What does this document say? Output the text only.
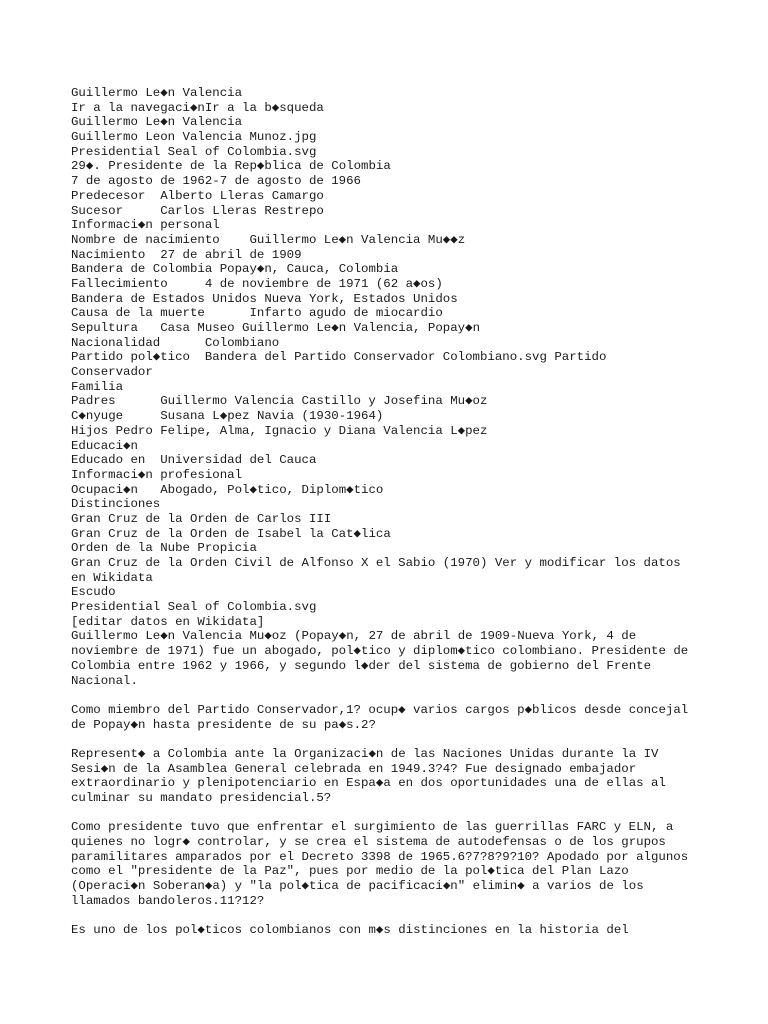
Guillermo Le◆n Valencia
Ir a la navegaci◆nIr a la b◆squeda
Guillermo Le◆n Valencia
Guillermo Leon Valencia Munoz.jpg
Presidential Seal of Colombia.svg
29◆. Presidente de la Rep◆blica de Colombia
7 de agosto de 1962-7 de agosto de 1966
Predecesor  Alberto Lleras Camargo
Sucesor     Carlos Lleras Restrepo
Informaci◆n personal
Nombre de nacimiento    Guillermo Le◆n Valencia Mu◆◆z
Nacimiento  27 de abril de 1909
Bandera de Colombia Popay◆n, Cauca, Colombia
Fallecimiento     4 de noviembre de 1971 (62 a◆os)
Bandera de Estados Unidos Nueva York, Estados Unidos
Causa de la muerte      Infarto agudo de miocardio
Sepultura   Casa Museo Guillermo Le◆n Valencia, Popay◆n
Nacionalidad      Colombiano
Partido pol◆tico  Bandera del Partido Conservador Colombiano.svg Partido
Conservador
Familia
Padres      Guillermo Valencia Castillo y Josefina Mu◆oz
C◆nyuge     Susana L◆pez Navia (1930-1964)
Hijos Pedro Felipe, Alma, Ignacio y Diana Valencia L◆pez
Educaci◆n
Educado en  Universidad del Cauca
Informaci◆n profesional
Ocupaci◆n   Abogado, Pol◆tico, Diplom◆tico
Distinciones
Gran Cruz de la Orden de Carlos III
Gran Cruz de la Orden de Isabel la Cat◆lica
Orden de la Nube Propicia
Gran Cruz de la Orden Civil de Alfonso X el Sabio (1970) Ver y modificar los datos
en Wikidata
Escudo
Presidential Seal of Colombia.svg
[editar datos en Wikidata]
Guillermo Le◆n Valencia Mu◆oz (Popay◆n, 27 de abril de 1909-Nueva York, 4 de
noviembre de 1971) fue un abogado, pol◆tico y diplom◆tico colombiano. Presidente de
Colombia entre 1962 y 1966, y segundo l◆der del sistema de gobierno del Frente
Nacional.
Como miembro del Partido Conservador,1? ocup◆ varios cargos p◆blicos desde concejal
de Popay◆n hasta presidente de su pa◆s.2?
Represent◆ a Colombia ante la Organizaci◆n de las Naciones Unidas durante la IV
Sesi◆n de la Asamblea General celebrada en 1949.3?4? Fue designado embajador
extraordinario y plenipotenciario en Espa◆a en dos oportunidades una de ellas al
culminar su mandato presidencial.5?
Como presidente tuvo que enfrentar el surgimiento de las guerrillas FARC y ELN, a
quienes no logr◆ controlar, y se crea el sistema de autodefensas o de los grupos
paramilitares amparados por el Decreto 3398 de 1965.6?7?8?9?10? Apodado por algunos
como el "presidente de la Paz", pues por medio de la pol◆tica del Plan Lazo
(Operaci◆n Soberan◆a) y "la pol◆tica de pacificaci◆n" elimin◆ a varios de los
llamados bandoleros.11?12?
Es uno de los pol◆ticos colombianos con m◆s distinciones en la historia del
